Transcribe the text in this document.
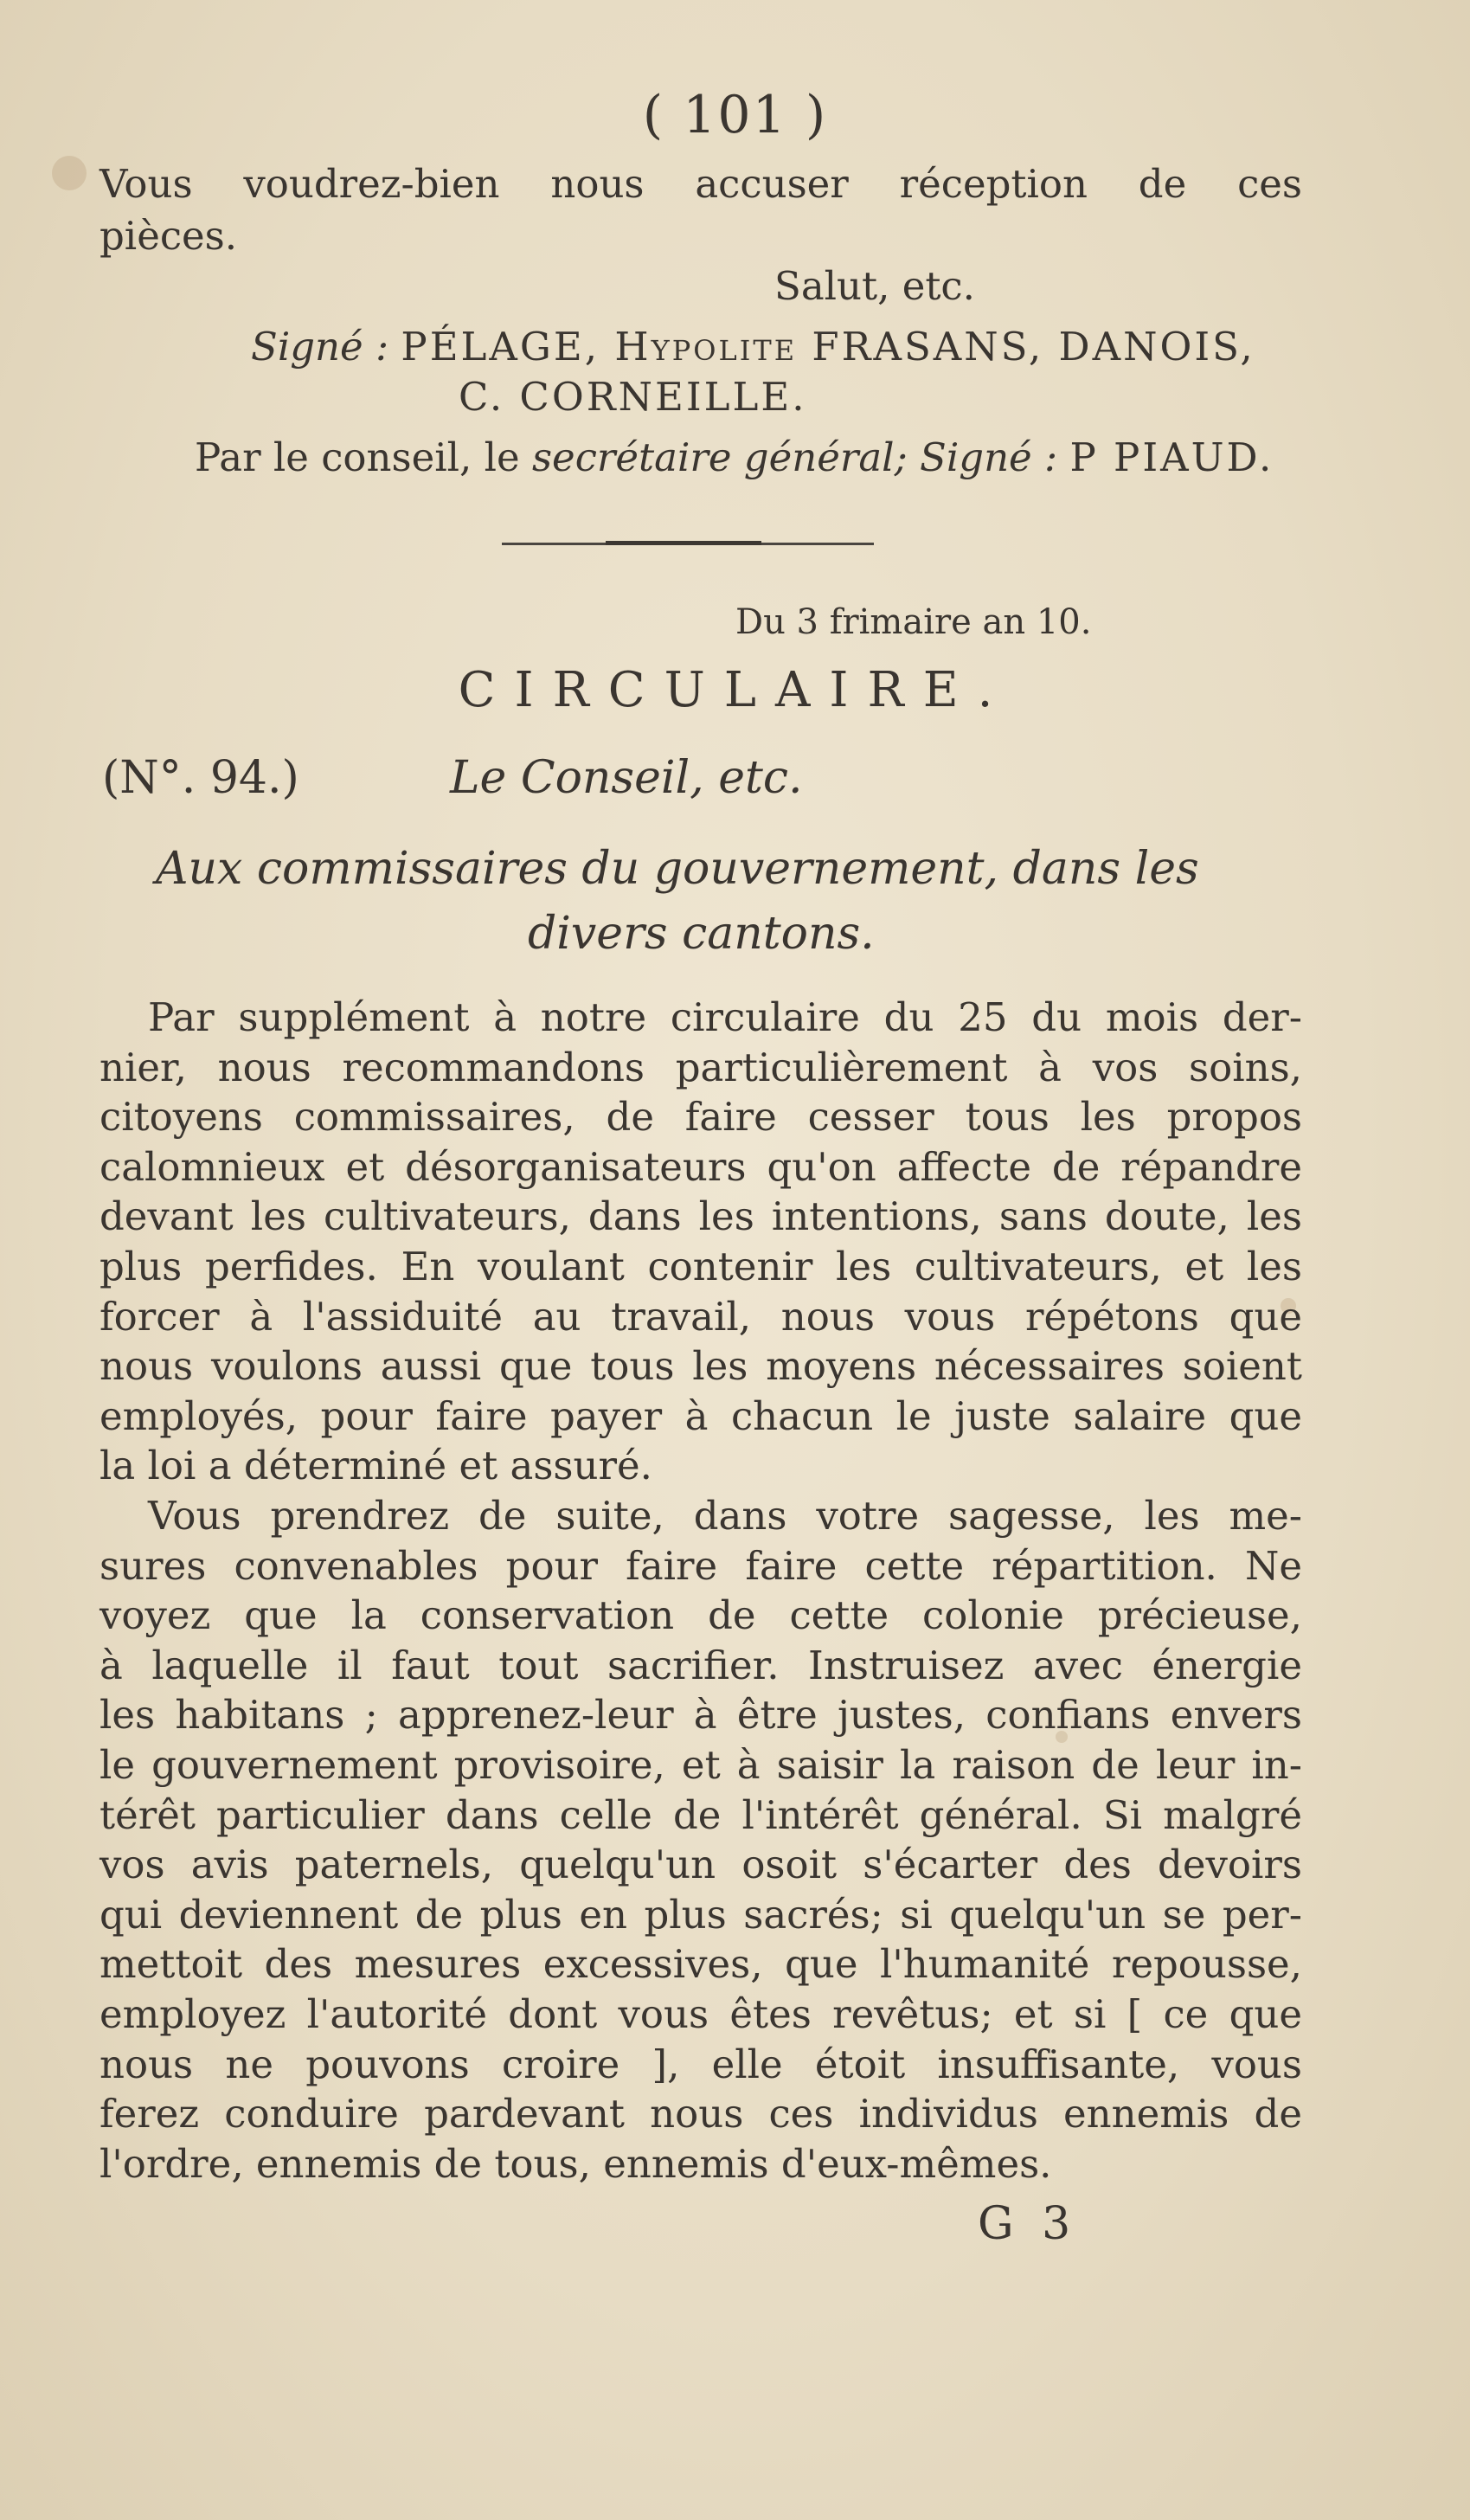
( 101 )
Vous voudrez-bien nous accuser réception de ces
pièces.
Salut, etc.
Signé : PÉLAGE, Hypolite FRASANS, DANOIS,
C. CORNEILLE.
Par le conseil, le secrétaire général; Signé : P PIAUD.
Du 3 frimaire an 10.
CIRCULAIRE.
(N°. 94.)	Le Conseil, etc.
Aux commissaires du gouvernement, dans les
divers cantons.
Par supplément à notre circulaire du 25 du mois der-
nier, nous recommandons particulièrement à vos soins,
citoyens commissaires, de faire cesser tous les propos
calomnieux et désorganisateurs qu'on affecte de répandre
devant les cultivateurs, dans les intentions, sans doute, les
plus perfides. En voulant contenir les cultivateurs, et les
forcer à l'assiduité au travail, nous vous répétons que
nous voulons aussi que tous les moyens nécessaires soient
employés, pour faire payer à chacun le juste salaire que
la loi a déterminé et assuré.
Vous prendrez de suite, dans votre sagesse, les me-
sures convenables pour faire faire cette répartition. Ne
voyez que la conservation de cette colonie précieuse,
à laquelle il faut tout sacrifier. Instruisez avec énergie
les habitans ; apprenez-leur à être justes, confians envers
le gouvernement provisoire, et à saisir la raison de leur in-
térêt particulier dans celle de l'intérêt général. Si malgré
vos avis paternels, quelqu'un osoit s'écarter des devoirs
qui deviennent de plus en plus sacrés; si quelqu'un se per-
mettoit des mesures excessives, que l'humanité repousse,
employez l'autorité dont vous êtes revêtus; et si [ ce que
nous ne pouvons croire ], elle étoit insuffisante, vous
ferez conduire pardevant nous ces individus ennemis de
l'ordre, ennemis de tous, ennemis d'eux-mêmes.
G 3
